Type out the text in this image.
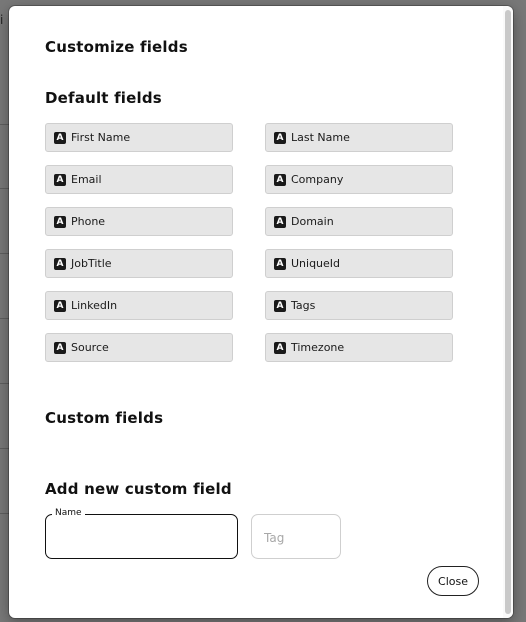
i
Customize fields
Default fields
A First Name	A Last Name
A Email	A Company
A Phone	A Domain
A JobTitle	A UniqueId
A LinkedIn	A Tags
A Source	A Timezone
Custom fields
Add new custom field
Name
Tag
Close
